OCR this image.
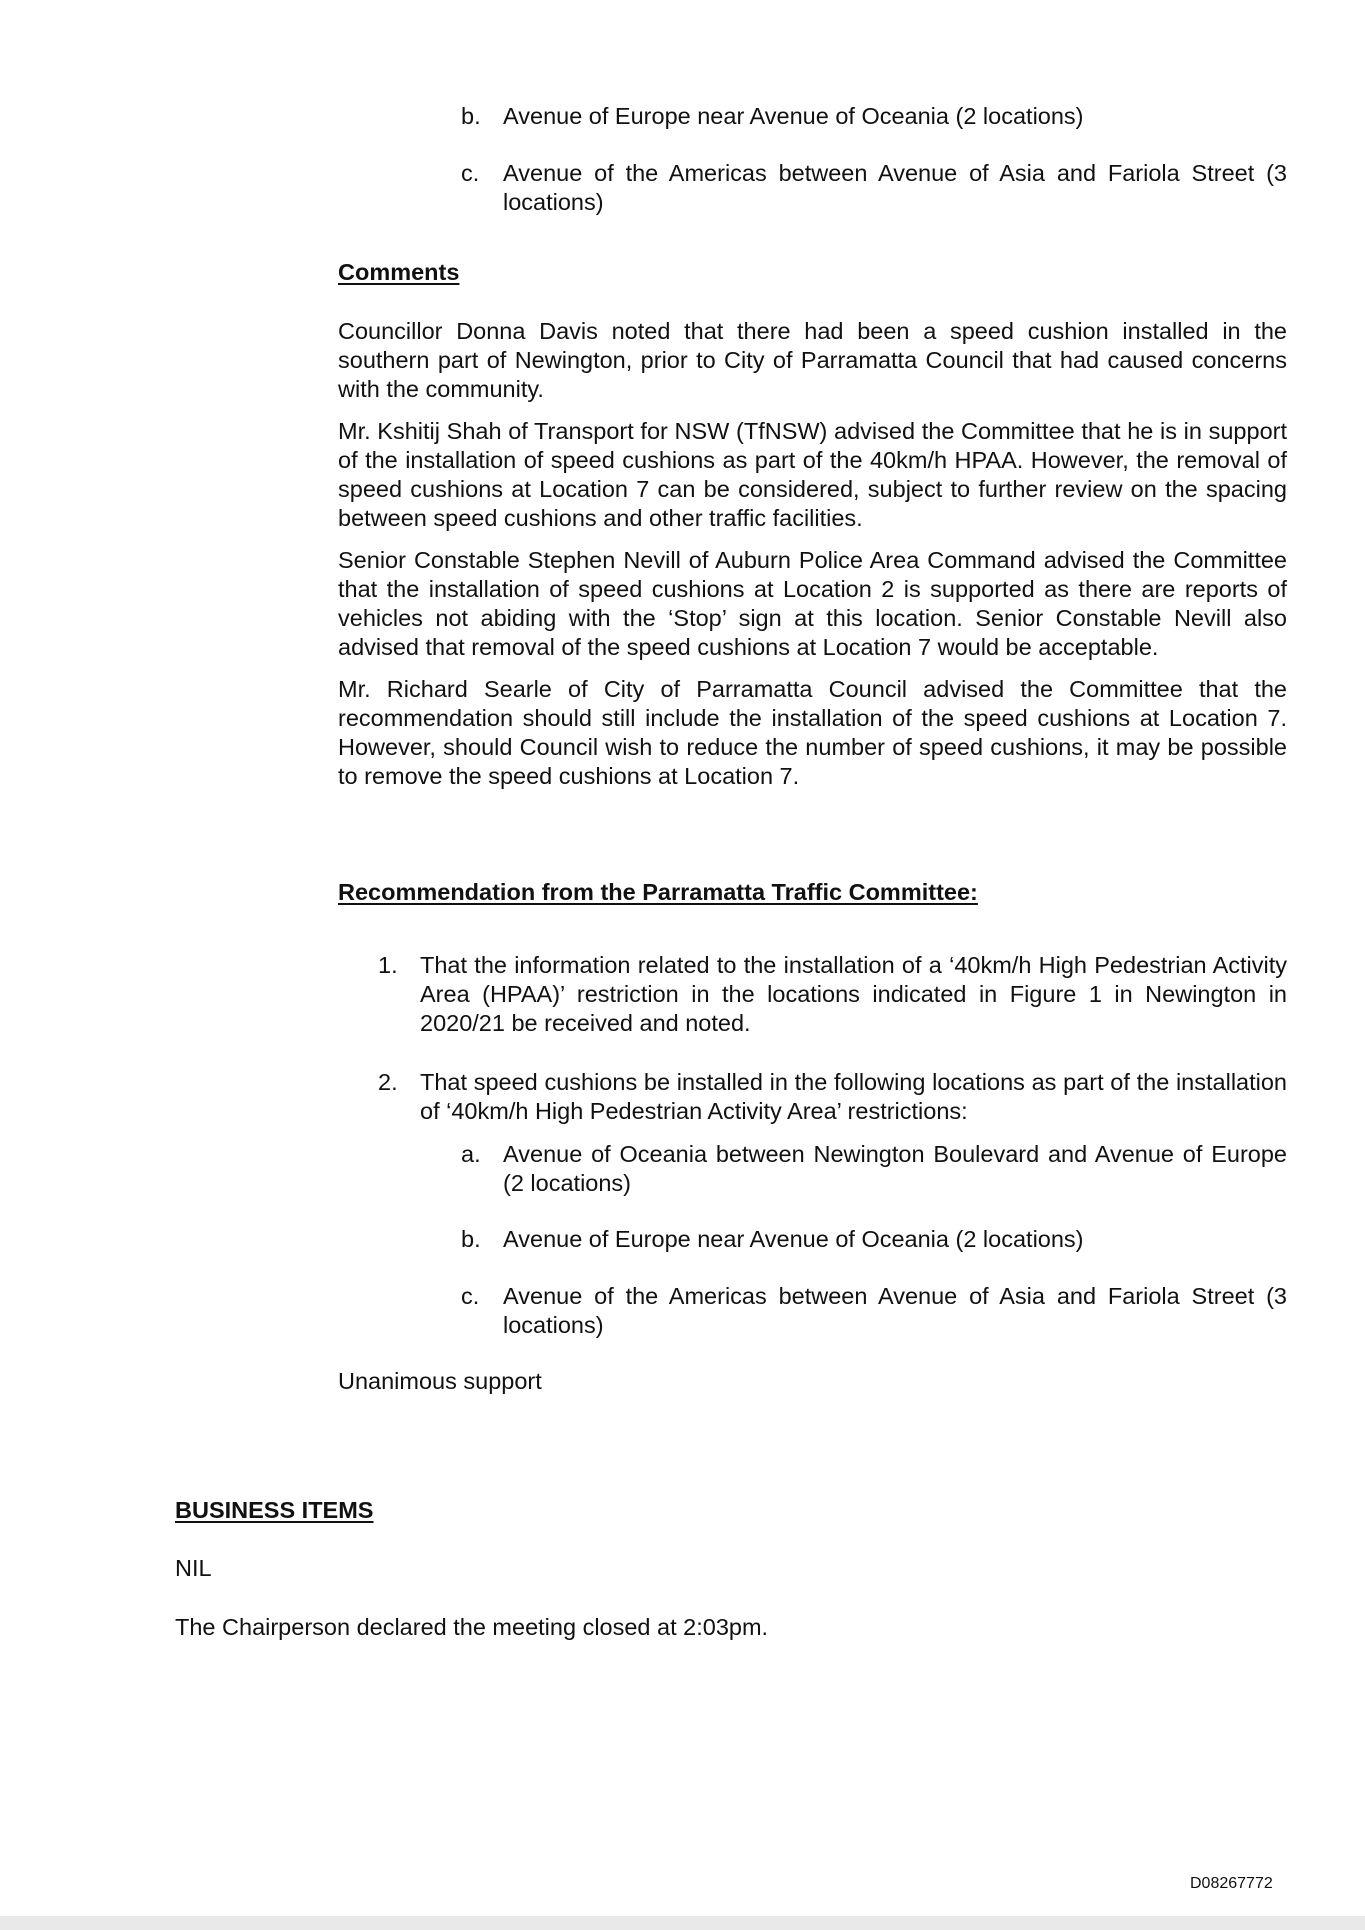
b. Avenue of Europe near Avenue of Oceania (2 locations)
c.	Avenue of the Americas between Avenue of Asia and Fariola Street (3 locations)
Comments

Councillor Donna Davis noted that there had been a speed cushion installed in the southern part of Newington, prior to City of Parramatta Council that had caused concerns with the community.

Mr. Kshitij Shah of Transport for NSW (TfNSW) advised the Committee that he is in support of the installation of speed cushions as part of the 40km/h HPAA. However, the removal of speed cushions at Location 7 can be considered, subject to further review on the spacing between speed cushions and other traffic facilities.

Senior Constable Stephen Nevill of Auburn Police Area Command advised the Committee that the installation of speed cushions at Location 2 is supported as there are reports of vehicles not abiding with the ‘Stop’ sign at this location. Senior Constable Nevill also advised that removal of the speed cushions at Location 7 would be acceptable.

Mr. Richard Searle of City of Parramatta Council advised the Committee that the recommendation should still include the installation of the speed cushions at Location 7. However, should Council wish to reduce the number of speed cushions, it may be possible to remove the speed cushions at Location 7.

Recommendation from the Parramatta Traffic Committee:
1. That the information related to the installation of a ‘40km/h High Pedestrian Activity Area (HPAA)’ restriction in the locations indicated in Figure 1 in Newington in 2020/21 be received and noted.
2. That speed cushions be installed in the following locations as part of the installation of ‘40km/h High Pedestrian Activity Area’ restrictions:
a. Avenue of Oceania between Newington Boulevard and Avenue of Europe (2 locations)
b. Avenue of Europe near Avenue of Oceania (2 locations)
c.	Avenue of the Americas between Avenue of Asia and Fariola Street (3 locations)
Unanimous support
BUSINESS ITEMS
NIL
The Chairperson declared the meeting closed at 2:03pm.
D08267772
